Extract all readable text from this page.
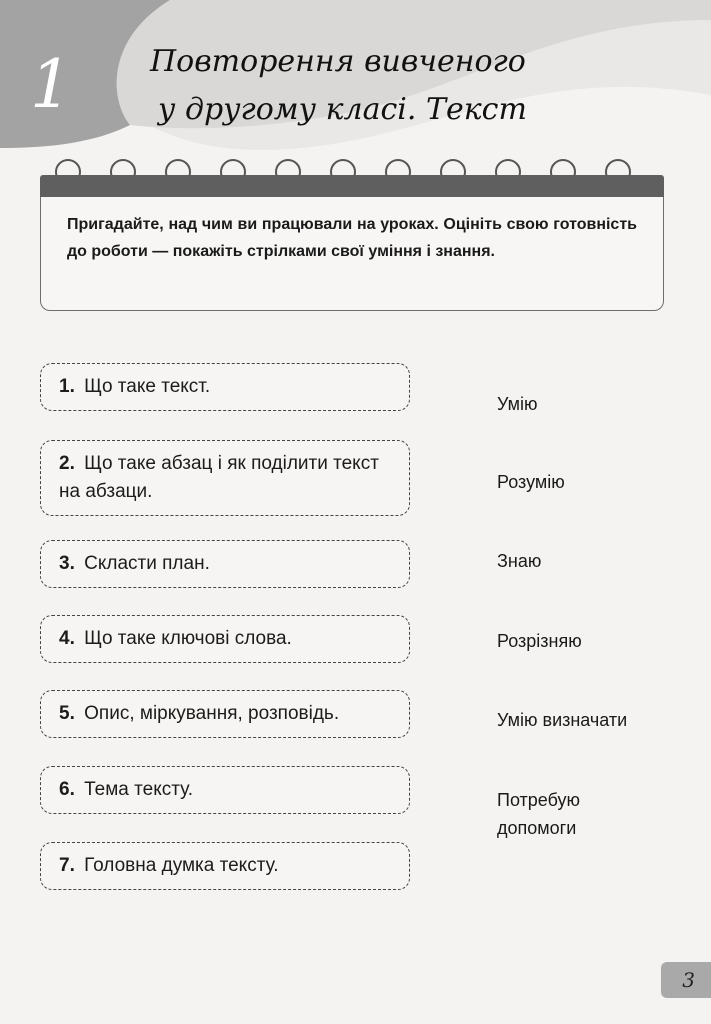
1	Повторення вивченого
у другому класі. Текст

Пригадайте, над чим ви працювали на уроках. Оцініть свою готовність до роботи — покажіть стрілками свої уміння і знання.

1. Що таке текст.
2. Що таке абзац і як поділити текст на абзаци.
3. Скласти план.
4. Що таке ключові слова.
5. Опис, міркування, розповідь.
6. Тема тексту.
7. Головна думка тексту.
Умію
Розумію
Знаю
Розрізняю
Умію визначати
Потребую допомоги
3
